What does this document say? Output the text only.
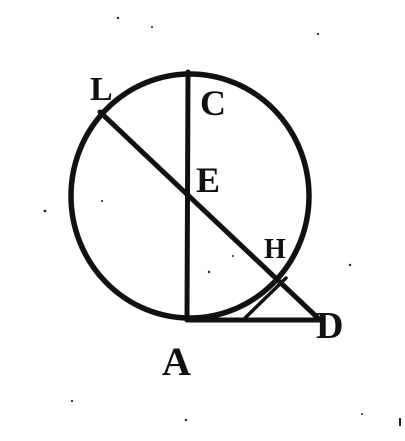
L C
E
H
D
A
